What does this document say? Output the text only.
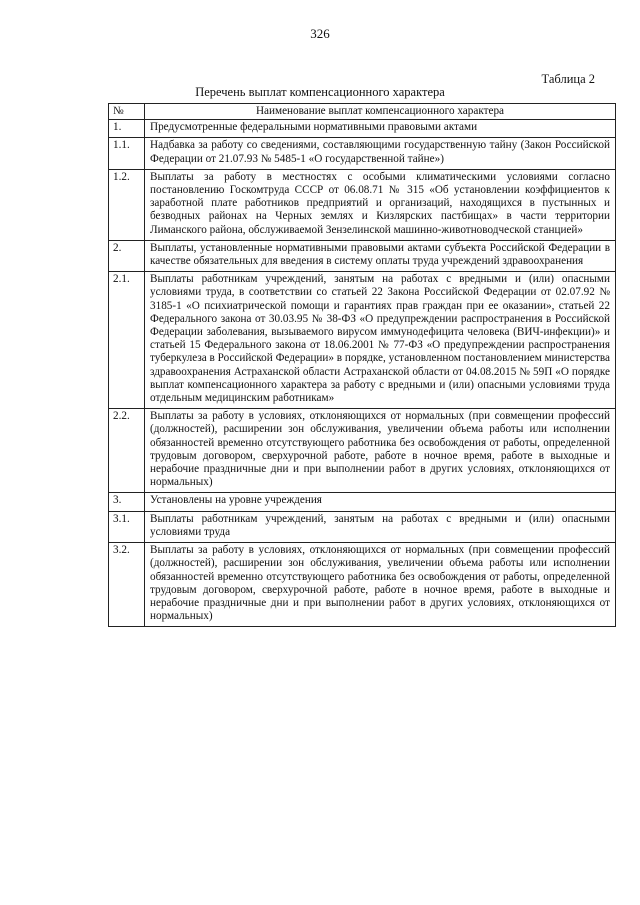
326
Таблица 2
Перечень выплат компенсационного характера
№	Наименование выплат компенсационного характера
1.	Предусмотренные федеральными нормативными правовыми актами
1.1.	Надбавка за работу со сведениями, составляющими государственную тайну (Закон Российской Федерации от 21.07.93 № 5485-1 «О государственной тайне»)
1.2.	Выплаты за работу в местностях с особыми климатическими условиями согласно постановлению Госкомтруда СССР от 06.08.71 № 315 «Об установлении коэффициентов к заработной плате работников предприятий и организаций, находящихся в пустынных и безводных районах на Черных землях и Кизлярских пастбищах» в части территории Лиманского района, обслуживаемой Зензелинской машинно-животноводческой станцией»
2.	Выплаты, установленные нормативными правовыми актами субъекта Российской Федерации в качестве обязательных для введения в систему оплаты труда учреждений здравоохранения
2.1.	Выплаты работникам учреждений, занятым на работах с вредными и (или) опасными условиями труда, в соответствии со статьей 22 Закона Российской Федерации от 02.07.92 № 3185-1 «О психиатрической помощи и гарантиях прав граждан при ее оказании», статьей 22 Федерального закона от 30.03.95 № 38-ФЗ «О предупреждении распространения в Российской Федерации заболевания, вызываемого вирусом иммунодефицита человека (ВИЧ-инфекции)» и статьей 15 Федерального закона от 18.06.2001 № 77-ФЗ «О предупреждении распространения туберкулеза в Российской Федерации» в порядке, установленном постановлением министерства здравоохранения Астраханской области Астраханской области от 04.08.2015 № 59П «О порядке выплат компенсационного характера за работу с вредными и (или) опасными условиями труда отдельным медицинским работникам»
2.2.	Выплаты за работу в условиях, отклоняющихся от нормальных (при совмещении профессий (должностей), расширении зон обслуживания, увеличении объема работы или исполнении обязанностей временно отсутствующего работника без освобождения от работы, определенной трудовым договором, сверхурочной работе, работе в ночное время, работе в выходные и нерабочие праздничные дни и при выполнении работ в других условиях, отклоняющихся от нормальных)
3.	Установлены на уровне учреждения
3.1.	Выплаты работникам учреждений, занятым на работах с вредными и (или) опасными условиями труда
3.2.	Выплаты за работу в условиях, отклоняющихся от нормальных (при совмещении профессий (должностей), расширении зон обслуживания, увеличении объема работы или исполнении обязанностей временно отсутствующего работника без освобождения от работы, определенной трудовым договором, сверхурочной работе, работе в ночное время, работе в выходные и нерабочие праздничные дни и при выполнении работ в других условиях, отклоняющихся от нормальных)
